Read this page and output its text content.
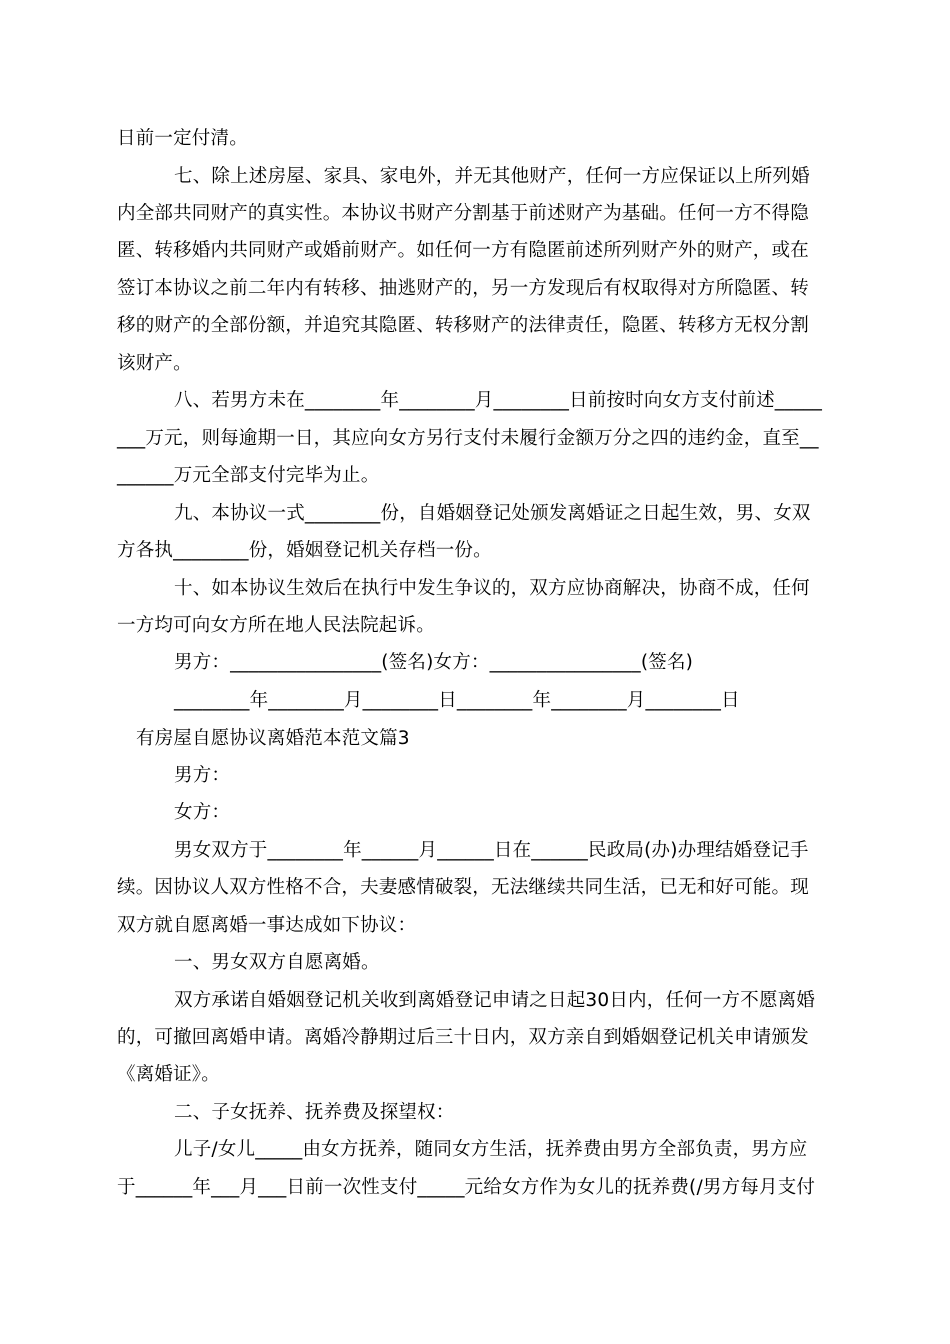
日前一定付清。
七、除上述房屋、家具、家电外，并无其他财产，任何一方应保证以上所列婚
内全部共同财产的真实性。本协议书财产分割基于前述财产为基础。任何一方不得隐
匿、转移婚内共同财产或婚前财产。如任何一方有隐匿前述所列财产外的财产，或在
签订本协议之前二年内有转移、抽逃财产的，另一方发现后有权取得对方所隐匿、转
移的财产的全部份额，并追究其隐匿、转移财产的法律责任，隐匿、转移方无权分割
该财产。
八、若男方未在________年________月________日前按时向女方支付前述_____
___万元，则每逾期一日，其应向女方另行支付未履行金额万分之四的违约金，直至__
______万元全部支付完毕为止。
九、本协议一式________份，自婚姻登记处颁发离婚证之日起生效，男、女双
方各执________份，婚姻登记机关存档一份。
十、如本协议生效后在执行中发生争议的，双方应协商解决，协商不成，任何
一方均可向女方所在地人民法院起诉。
男方：________________(签名)女方：________________(签名)
________年________月________日________年________月________日
有房屋自愿协议离婚范本范文篇3
男方：
女方：
男女双方于________年______月______日在______民政局(办)办理结婚登记手
续。因协议人双方性格不合，夫妻感情破裂，无法继续共同生活，已无和好可能。现
双方就自愿离婚一事达成如下协议：
一、男女双方自愿离婚。
双方承诺自婚姻登记机关收到离婚登记申请之日起30日内，任何一方不愿离婚
的，可撤回离婚申请。离婚冷静期过后三十日内，双方亲自到婚姻登记机关申请颁发
《离婚证》。
二、子女抚养、抚养费及探望权：
儿子/女儿_____由女方抚养，随同女方生活，抚养费由男方全部负责，男方应
于______年___月___日前一次性支付_____元给女方作为女儿的抚养费(/男方每月支付
